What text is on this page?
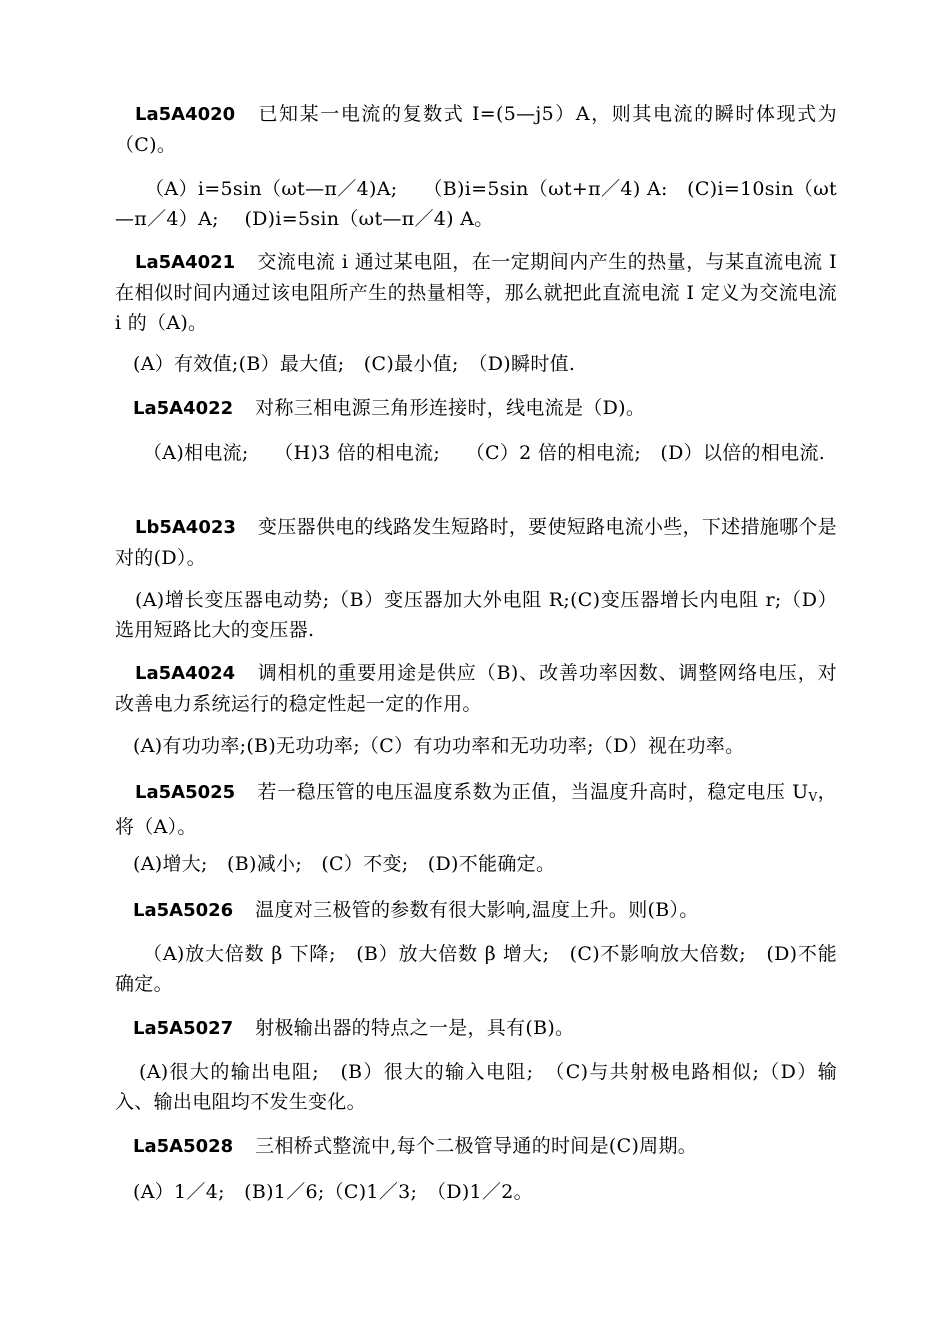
La5A4020 已知某一电流的复数式 I=(5—j5）A，则其电流的瞬时体现式为（C)。

（A）i=5sin（ωt—π／4)A;　 （B)i=5sin（ωt+π／4) A:　(C)i=10sin（ωt—π／4）A;　 (D)i=5sin（ωt—π／4) A。

La5A4021 交流电流 i 通过某电阻，在一定期间内产生的热量，与某直流电流 I 在相似时间内通过该电阻所产生的热量相等，那么就把此直流电流 I 定义为交流电流 i 的（A)。

(A）有效值;(B）最大值;　(C)最小值;　（D)瞬时值.

La5A4022 对称三相电源三角形连接时，线电流是（D)。

（A)相电流;　 （H)3 倍的相电流;　 （C）2 倍的相电流;　(D）以倍的相电流.

Lb5A4023 变压器供电的线路发生短路时，要使短路电流小些，下述措施哪个是对的(D）。

(A)增长变压器电动势;（B）变压器加大外电阻 R;(C)变压器增长内电阻 r;（D）选用短路比大的变压器.

La5A4024 调相机的重要用途是供应（B)、改善功率因数、调整网络电压，对改善电力系统运行的稳定性起一定的作用。

(A)有功功率;(B)无功功率;（C）有功功率和无功功率;（D）视在功率。

La5A5025 若一稳压管的电压温度系数为正值，当温度升高时，稳定电压 $U_V$，将（A）。

(A)增大;　(B)减小;　(C）不变;　(D)不能确定。

La5A5026 温度对三极管的参数有很大影响,温度上升。则(B）。

（A)放大倍数 β 下降;　(B）放大倍数 β 增大;　(C)不影响放大倍数;　(D)不能确定。

La5A5027 射极输出器的特点之一是，具有(B)。

(A)很大的输出电阻;　(B）很大的输入电阻;　（C)与共射极电路相似;（D）输入、输出电阻均不发生变化。

La5A5028 三相桥式整流中,每个二极管导通的时间是(C)周期。

(A）1／4;　(B)1／6;（C)1／3;　（D)1／2。
